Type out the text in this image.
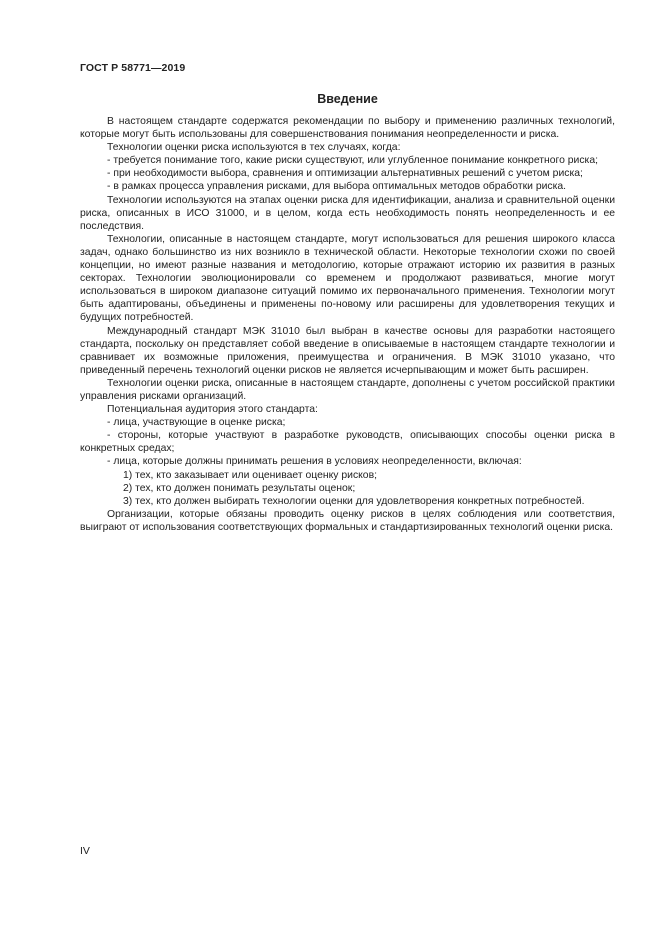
ГОСТ Р 58771—2019
Введение

В настоящем стандарте содержатся рекомендации по выбору и применению различных технологий, которые могут быть использованы для совершенствования понимания неопределенности и риска.

Технологии оценки риска используются в тех случаях, когда:

- требуется понимание того, какие риски существуют, или углубленное понимание конкретного риска;

- при необходимости выбора, сравнения и оптимизации альтернативных решений с учетом риска;

- в рамках процесса управления рисками, для выбора оптимальных методов обработки риска.

Технологии используются на этапах оценки риска для идентификации, анализа и сравнительной оценки риска, описанных в ИСО 31000, и в целом, когда есть необходимость понять неопределенность и ее последствия.

Технологии, описанные в настоящем стандарте, могут использоваться для решения широкого класса задач, однако большинство из них возникло в технической области. Некоторые технологии схожи по своей концепции, но имеют разные названия и методологию, которые отражают историю их развития в разных секторах. Технологии эволюционировали со временем и продолжают развиваться, многие могут использоваться в широком диапазоне ситуаций помимо их первоначального применения. Технологии могут быть адаптированы, объединены и применены по-новому или расширены для удовлетворения текущих и будущих потребностей.

Международный стандарт МЭК 31010 был выбран в качестве основы для разработки настоящего стандарта, поскольку он представляет собой введение в описываемые в настоящем стандарте технологии и сравнивает их возможные приложения, преимущества и ограничения. В МЭК 31010 указано, что приведенный перечень технологий оценки рисков не является исчерпывающим и может быть расширен.

Технологии оценки риска, описанные в настоящем стандарте, дополнены с учетом российской практики управления рисками организаций.

Потенциальная аудитория этого стандарта:

- лица, участвующие в оценке риска;

- стороны, которые участвуют в разработке руководств, описывающих способы оценки риска в конкретных средах;

- лица, которые должны принимать решения в условиях неопределенности, включая:

1) тех, кто заказывает или оценивает оценку рисков;

2) тех, кто должен понимать результаты оценок;

3) тех, кто должен выбирать технологии оценки для удовлетворения конкретных потребностей.

Организации, которые обязаны проводить оценку рисков в целях соблюдения или соответствия, выиграют от использования соответствующих формальных и стандартизированных технологий оценки риска.

IV
